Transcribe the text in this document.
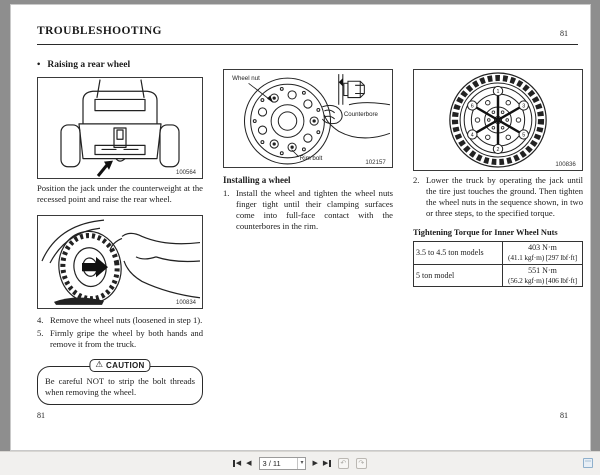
TROUBLESHOOTING	81
• Raising a rear wheel
100564
Position the jack under the counterweight at the recessed point and raise the rear wheel.
100834
4. Remove the wheel nuts (loosened in step 1).
5. Firmly gripe the wheel by both hands and remove it from the truck.
⚠ CAUTION
Be careful NOT to strip the bolt threads when removing the wheel.
Wheel nut
Counterbore
Rim bolt
102157
Installing a wheel
1. Install the wheel and tighten the wheel nuts finger tight until their clamping surfaces come into full-face contact with the counterbores in the rim.
1
2
3
4	5
6
100836
2. Lower the truck by operating the jack until the tire just touches the ground. Then tighten the wheel nuts in the sequence shown, in two or three steps, to the specified torque.
Tightening Torque for Inner Wheel Nuts
3.5 to 4.5 ton models	403 N·m
(41.1 kgf·m) [297 lbf·ft]

5 ton model	551 N·m
(56.2 kgf·m) [406 lbf·ft]
81	81
◀ ◀ 3 / 11	▾ ▶ ▶	↶	↷
